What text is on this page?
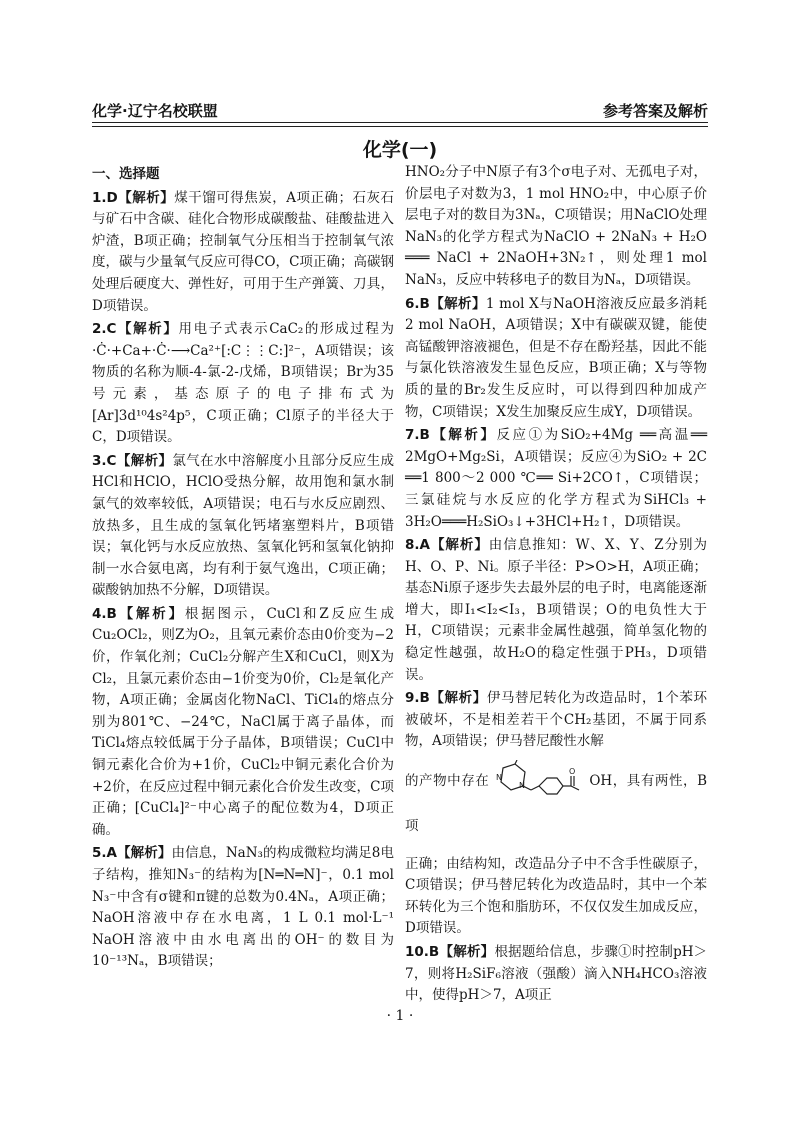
化学·辽宁名校联盟	参考答案及解析
化学(一)

一、选择题

1.D【解析】煤干馏可得焦炭，A项正确；石灰石与矿石中含碳、硅化合物形成碳酸盐、硅酸盐进入炉渣，B项正确；控制氧气分压相当于控制氧气浓度，碳与少量氧气反应可得CO，C项正确；高碳钢处理后硬度大、弹性好，可用于生产弹簧、刀具，D项错误。

2.C【解析】用电子式表示CaC₂的形成过程为·Ċ·+Ca+·Ċ·⟶Ca²⁺[:C⋮⋮C:]²⁻，A项错误；该物质的名称为顺-4-氯-2-戊烯，B项错误；Br为35号元素，基态原子的电子排布式为[Ar]3d¹⁰4s²4p⁵，C项正确；Cl原子的半径大于C，D项错误。

3.C【解析】氯气在水中溶解度小且部分反应生成HCl和HClO，HClO受热分解，故用饱和氯水制氯气的效率较低，A项错误；电石与水反应剧烈、放热多，且生成的氢氧化钙堵塞塑料片，B项错误；氧化钙与水反应放热、氢氧化钙和氢氧化钠抑制一水合氨电离，均有利于氨气逸出，C项正确；碳酸钠加热不分解，D项错误。

4.B【解析】根据图示，CuCl和Z反应生成Cu₂OCl₂，则Z为O₂，且氧元素价态由0价变为−2价，作氧化剂；CuCl₂分解产生X和CuCl，则X为Cl₂，且氯元素价态由−1价变为0价，Cl₂是氧化产物，A项正确；金属卤化物NaCl、TiCl₄的熔点分别为801℃、−24℃，NaCl属于离子晶体，而TiCl₄熔点较低属于分子晶体，B项错误；CuCl中铜元素化合价为+1价，CuCl₂中铜元素化合价为+2价，在反应过程中铜元素化合价发生改变，C项正确；[CuCl₄]²⁻中心离子的配位数为4，D项正确。

5.A【解析】由信息，NaN₃的构成微粒均满足8电子结构，推知N₃⁻的结构为[N═N═N]⁻，0.1 mol N₃⁻中含有σ键和π键的总数为0.4Nₐ，A项正确；NaOH溶液中存在水电离，1 L 0.1 mol·L⁻¹ NaOH溶液中由水电离出的OH⁻的数目为10⁻¹³Nₐ，B项错误；

HNO₂分子中N原子有3个σ电子对、无孤电子对，价层电子对数为3，1 mol HNO₂中，中心原子价层电子对的数目为3Nₐ，C项错误；用NaClO处理NaN₃的化学方程式为NaClO + 2NaN₃ + H₂O ═══ NaCl + 2NaOH+3N₂↑，则处理1 mol NaN₃，反应中转移电子的数目为Nₐ，D项错误。

6.B【解析】1 mol X与NaOH溶液反应最多消耗2 mol NaOH，A项错误；X中有碳碳双键，能使高锰酸钾溶液褪色，但是不存在酚羟基，因此不能与氯化铁溶液发生显色反应，B项正确；X与等物质的量的Br₂发生反应时，可以得到四种加成产物，C项错误；X发生加聚反应生成Y，D项错误。

7.B【解析】反应①为SiO₂+4Mg ══高温══ 2MgO+Mg₂Si，A项错误；反应④为SiO₂ + 2C ══1 800～2 000 ℃══ Si+2CO↑，C项错误；三氯硅烷与水反应的化学方程式为SiHCl₃ + 3H₂O═══H₂SiO₃↓+3HCl+H₂↑，D项错误。

8.A【解析】由信息推知：W、X、Y、Z分别为H、O、P、Ni。原子半径：P>O>H，A项正确；基态Ni原子逐步失去最外层的电子时，电离能逐渐增大，即I₁<I₂<I₃，B项错误；O的电负性大于H，C项错误；元素非金属性越强，简单氢化物的稳定性越强，故H₂O的稳定性强于PH₃，D项错误。

9.B【解析】伊马替尼转化为改造品时，1个苯环被破坏，不是相差若干个CH₂基团，不属于同系物，A项错误；伊马替尼酸性水解

的产物中存在 N
N
O
OH，具有两性，B项

正确；由结构知，改造品分子中不含手性碳原子，C项错误；伊马替尼转化为改造品时，其中一个苯环转化为三个饱和脂肪环，不仅仅发生加成反应，D项错误。

10.B【解析】根据题给信息，步骤①时控制pH＞7，则将H₂SiF₆溶液（强酸）滴入NH₄HCO₃溶液中，使得pH＞7，A项正

· 1 ·
